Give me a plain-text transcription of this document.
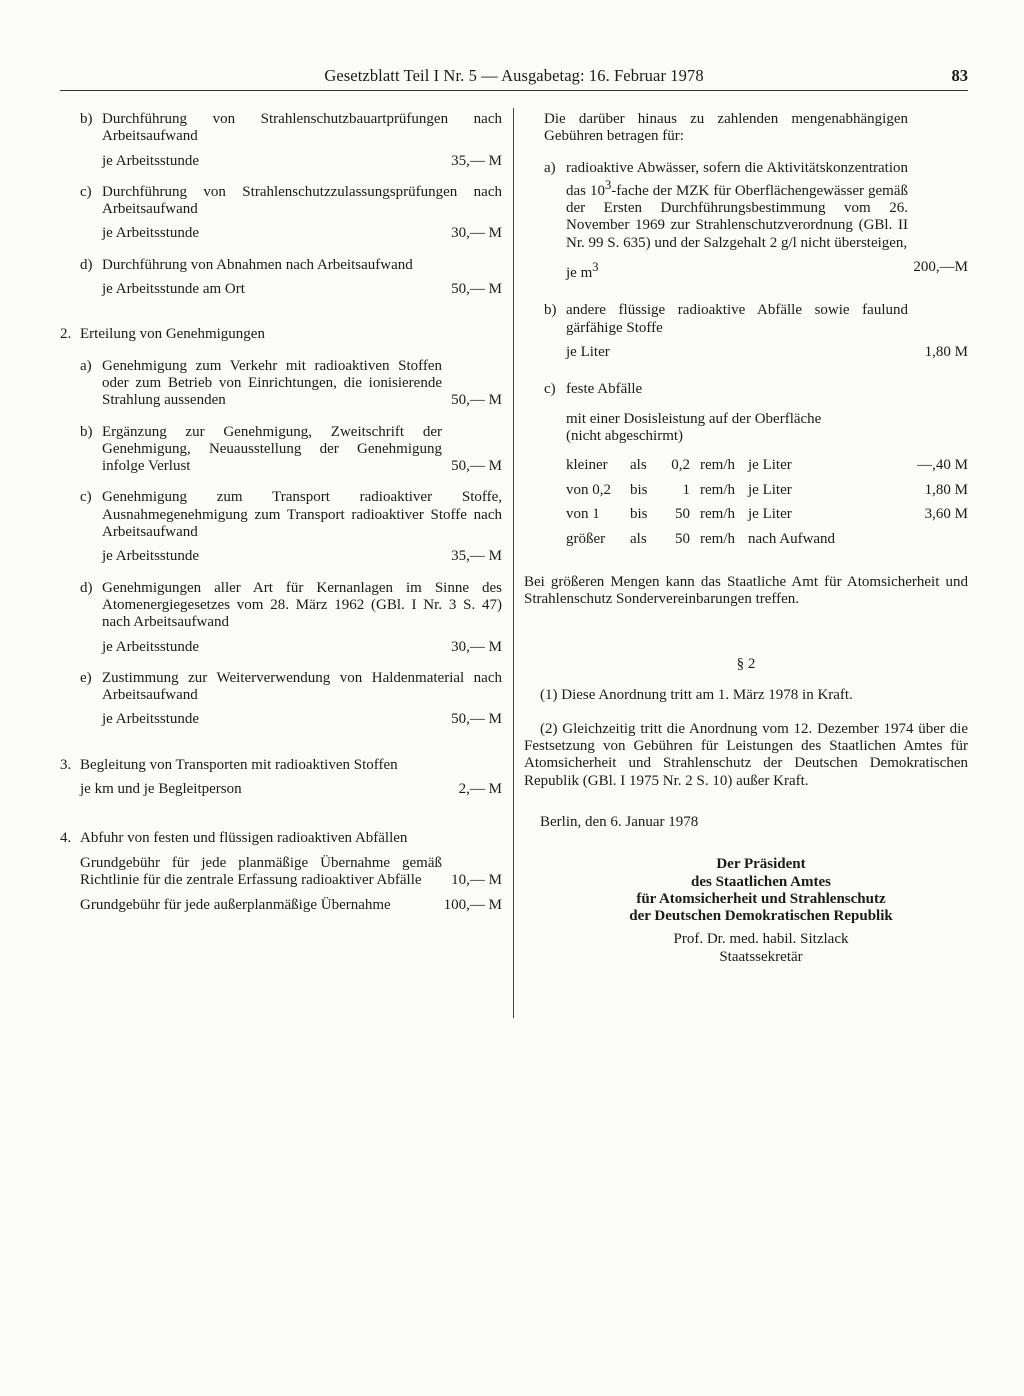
Gesetzblatt Teil I Nr. 5 — Ausgabetag: 16. Februar 1978	83
b) Durchführung von Strahlenschutzbauartprüfungen nach Arbeitsaufwand
je Arbeitsstunde	35,— M
c) Durchführung von Strahlenschutzzulassungsprüfungen nach Arbeitsaufwand
je Arbeitsstunde	30,— M
d) Durchführung von Abnahmen nach Arbeitsaufwand
je Arbeitsstunde am Ort	50,— M
2. Erteilung von Genehmigungen
a) Genehmigung zum Verkehr mit radioaktiven Stoffen oder zum Betrieb von Einrichtungen, die ionisierende Strahlung aussenden	50,— M
b) Ergänzung zur Genehmigung, Zweitschrift der Genehmigung, Neuausstellung der Genehmigung infolge Verlust	50,— M
c) Genehmigung zum Transport radioaktiver Stoffe, Ausnahmegenehmigung zum Transport radioaktiver Stoffe nach Arbeitsaufwand
je Arbeitsstunde	35,— M
d) Genehmigungen aller Art für Kernanlagen im Sinne des Atomenergiegesetzes vom 28. März 1962 (GBl. I Nr. 3 S. 47) nach Arbeitsaufwand
je Arbeitsstunde	30,— M
e) Zustimmung zur Weiterverwendung von Haldenmaterial nach Arbeitsaufwand
je Arbeitsstunde	50,— M
3. Begleitung von Transporten mit radioaktiven Stoffen
je km und je Begleitperson	2,— M
4. Abfuhr von festen und flüssigen radioaktiven Abfällen
Grundgebühr für jede planmäßige Übernahme gemäß Richtlinie für die zentrale Erfassung radioaktiver Abfälle	10,— M
Grundgebühr für jede außerplanmäßige Übernahme	100,— M
Die darüber hinaus zu zahlenden mengenabhängigen Gebühren betragen für:
a) radioaktive Abwässer, sofern die Aktivitätskonzentration das $10^3$-fache der MZK für Oberflächengewässer gemäß der Ersten Durchführungsbestimmung vom 26. November 1969 zur Strahlenschutzverordnung (GBl. II Nr. 99 S. 635) und der Salzgehalt 2 g/l nicht übersteigen,
je $m^3$	200,—M
b) andere flüssige radioaktive Abfälle sowie faulund gärfähige Stoffe
je Liter	1,80 M
c) feste Abfälle
mit einer Dosisleistung auf der Oberfläche (nicht abgeschirmt)
kleiner	als	0,2	rem/h	je Liter	—,40 M
von 0,2	bis	1	rem/h	je Liter	1,80 M
von 1	bis	50	rem/h	je Liter	3,60 M
größer	als	50	rem/h	nach Aufwand	
Bei größeren Mengen kann das Staatliche Amt für Atomsicherheit und Strahlenschutz Sondervereinbarungen treffen.
§ 2
(1) Diese Anordnung tritt am 1. März 1978 in Kraft.
(2) Gleichzeitig tritt die Anordnung vom 12. Dezember 1974 über die Festsetzung von Gebühren für Leistungen des Staatlichen Amtes für Atomsicherheit und Strahlenschutz der Deutschen Demokratischen Republik (GBl. I 1975 Nr. 2 S. 10) außer Kraft.
Berlin, den 6. Januar 1978
Der Präsident
des Staatlichen Amtes
für Atomsicherheit und Strahlenschutz
der Deutschen Demokratischen Republik
Prof. Dr. med. habil. Sitzlack
Staatssekretär
